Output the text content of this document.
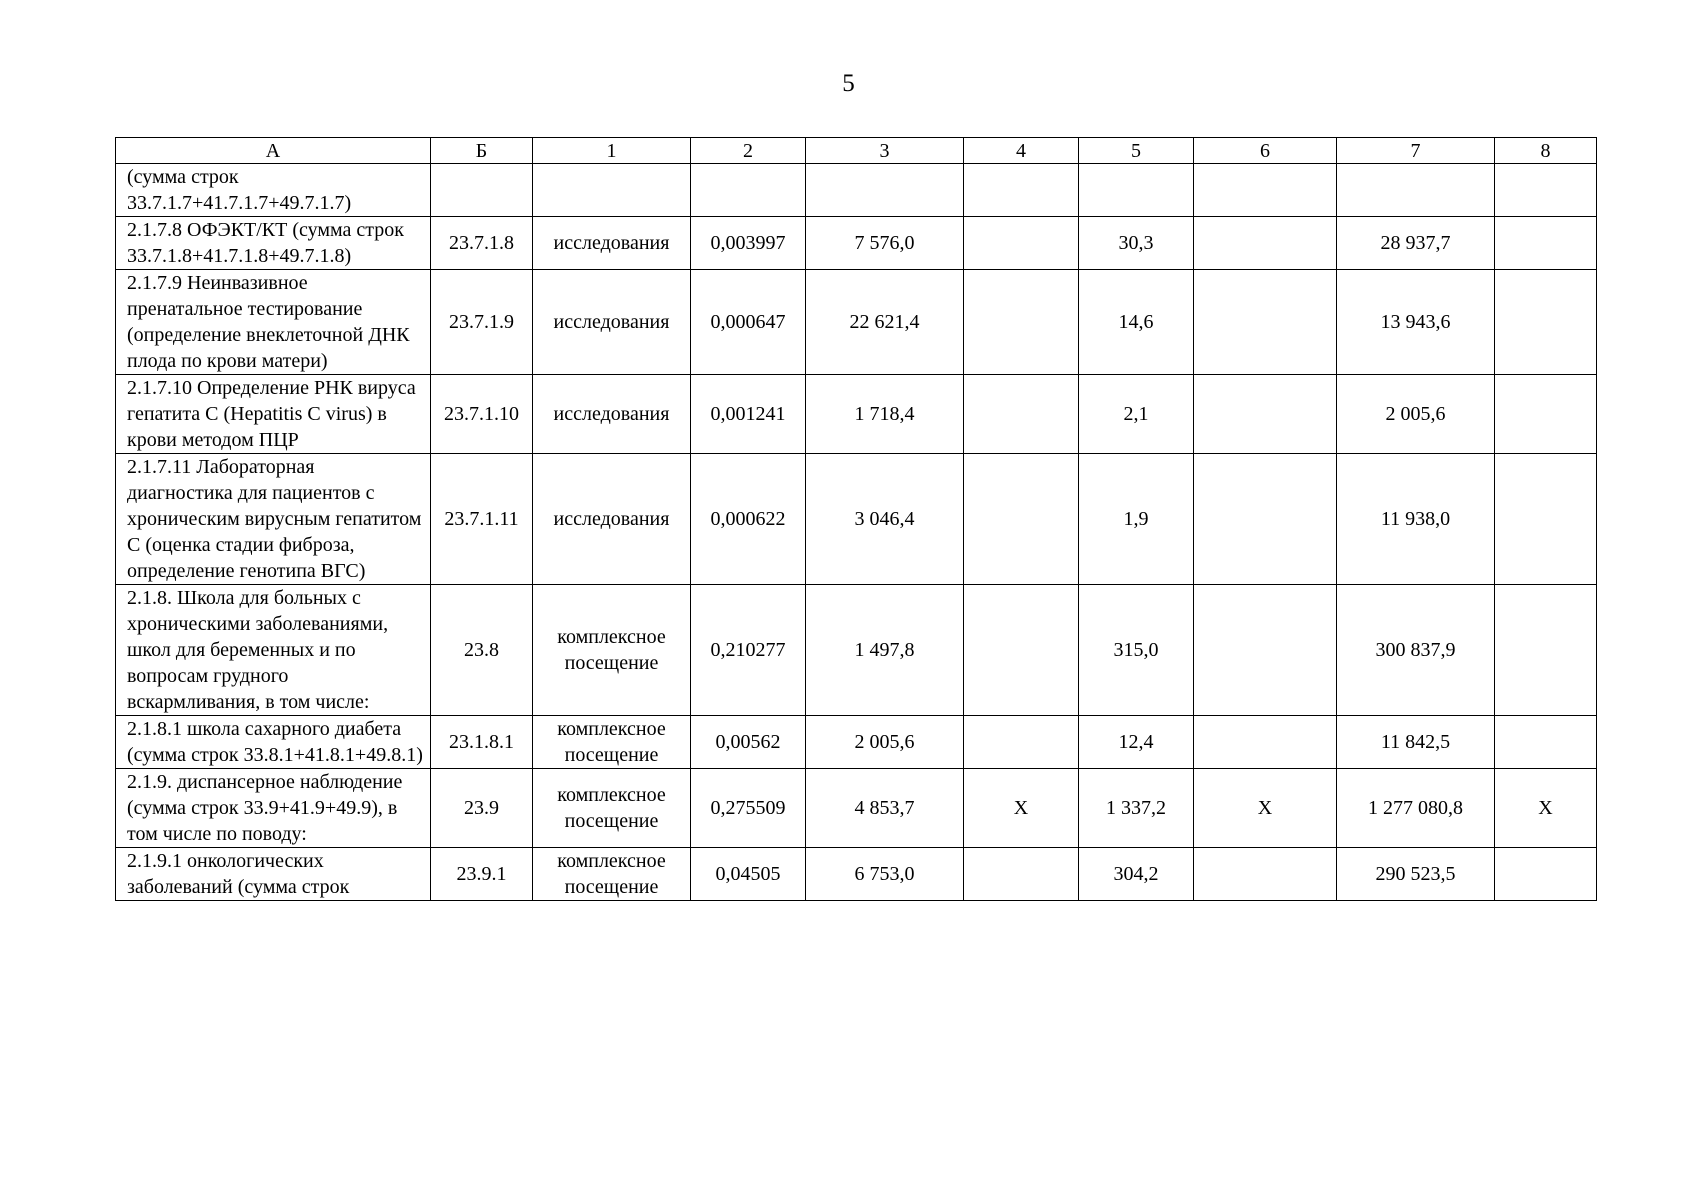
5
А	Б	1	2	3	4	5	6	7	8
(сумма строк 33.7.1.7+41.7.1.7+49.7.1.7)									
2.1.7.8 ОФЭКТ/КТ (сумма строк 33.7.1.8+41.7.1.8+49.7.1.8)	23.7.1.8	исследования	0,003997	7 576,0		30,3		28 937,7	
2.1.7.9 Неинвазивное пренатальное тестирование (определение внеклеточной ДНК плода по крови матери)	23.7.1.9	исследования	0,000647	22 621,4		14,6		13 943,6	
2.1.7.10 Определение РНК вируса гепатита С (Hepatitis C virus) в крови методом ПЦР	23.7.1.10	исследования	0,001241	1 718,4		2,1		2 005,6	
2.1.7.11 Лабораторная диагностика для пациентов с хроническим вирусным гепатитом С (оценка стадии фиброза, определение генотипа ВГС)	23.7.1.11	исследования	0,000622	3 046,4		1,9		11 938,0	
2.1.8. Школа для больных с хроническими заболеваниями, школ для беременных и по вопросам грудного вскармливания, в том числе:	23.8	комплексное посещение	0,210277	1 497,8		315,0		300 837,9	
2.1.8.1 школа сахарного диабета (сумма строк 33.8.1+41.8.1+49.8.1)	23.1.8.1	комплексное посещение	0,00562	2 005,6		12,4		11 842,5	
2.1.9. диспансерное наблюдение (сумма строк 33.9+41.9+49.9), в том числе по поводу:	23.9	комплексное посещение	0,275509	4 853,7	Х	1 337,2	Х	1 277 080,8	Х
2.1.9.1 онкологических заболеваний (сумма строк	23.9.1	комплексное посещение	0,04505	6 753,0		304,2		290 523,5	
